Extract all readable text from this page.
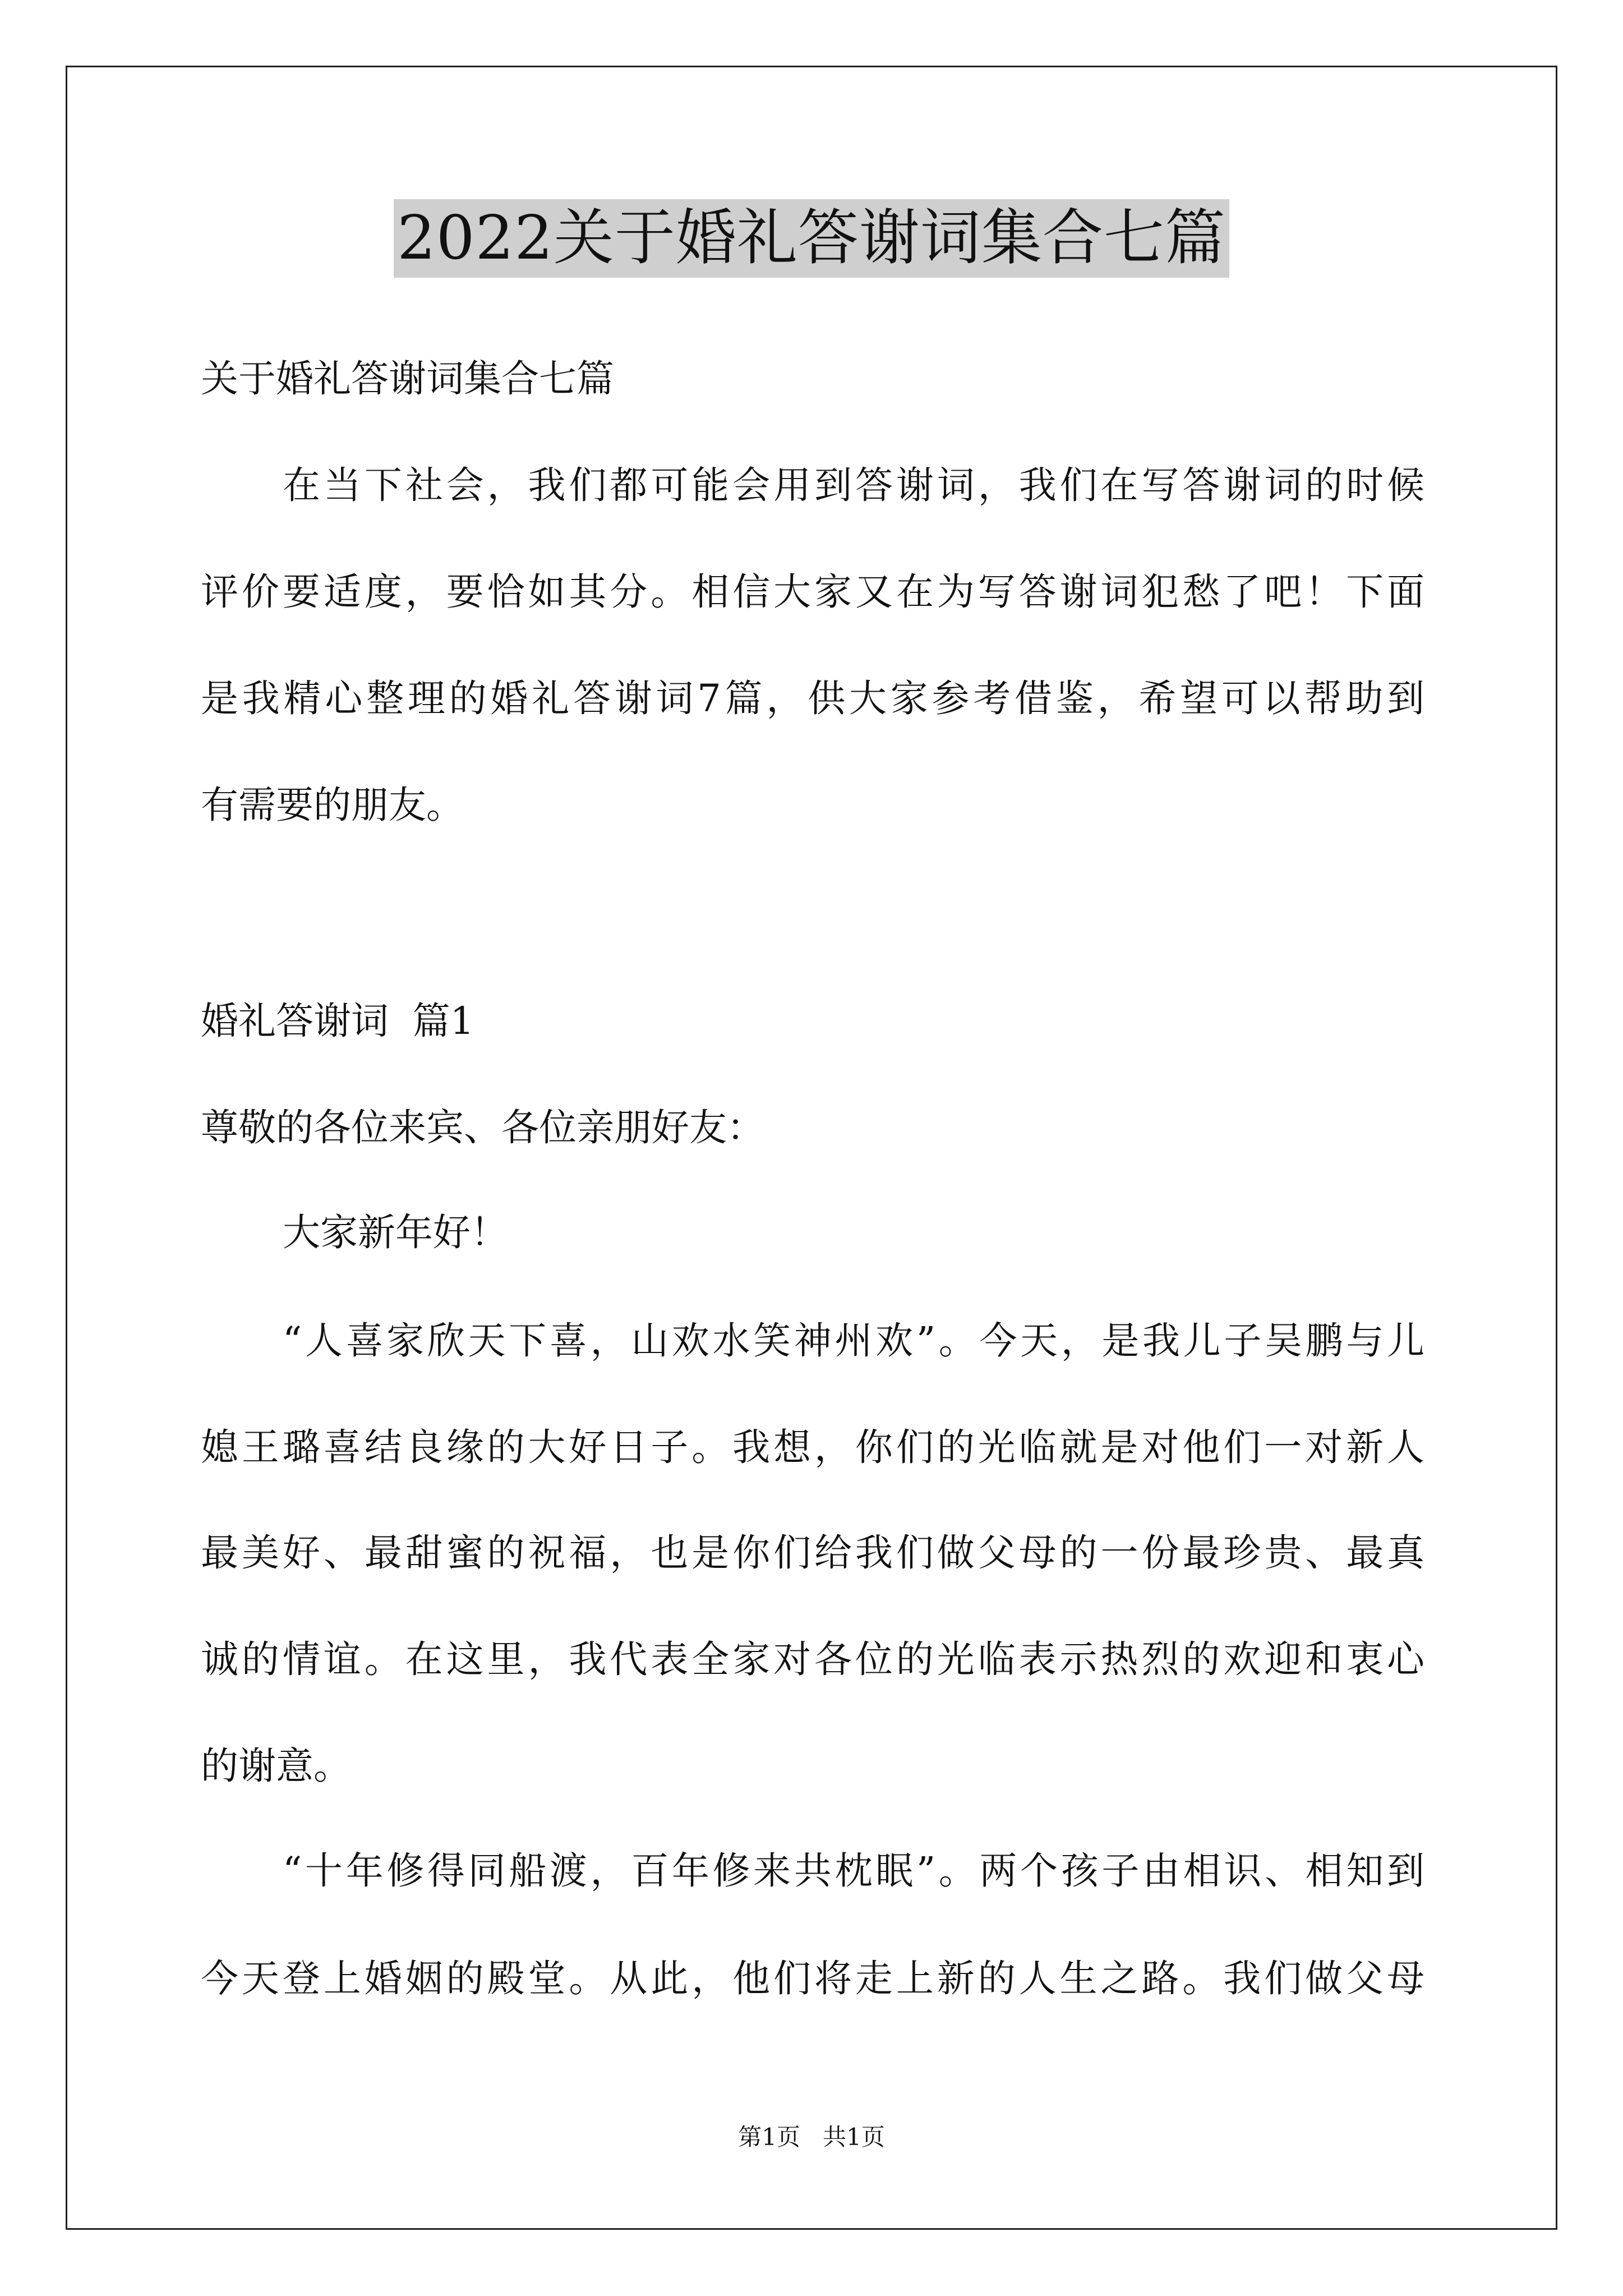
2022关于婚礼答谢词集合七篇

关于婚礼答谢词集合七篇

在当下社会，我们都可能会用到答谢词，我们在写答谢词的时候

评价要适度，要恰如其分。相信大家又在为写答谢词犯愁了吧！下面

是我精心整理的婚礼答谢词7篇，供大家参考借鉴，希望可以帮助到

有需要的朋友。

婚礼答谢词  篇1

尊敬的各位来宾、各位亲朋好友：

大家新年好！

“人喜家欣天下喜，山欢水笑神州欢”。今天，是我儿子吴鹏与儿

媳王璐喜结良缘的大好日子。我想，你们的光临就是对他们一对新人

最美好、最甜蜜的祝福，也是你们给我们做父母的一份最珍贵、最真

诚的情谊。在这里，我代表全家对各位的光临表示热烈的欢迎和衷心

的谢意。

“十年修得同船渡，百年修来共枕眠”。两个孩子由相识、相知到

今天登上婚姻的殿堂。从此，他们将走上新的人生之路。我们做父母

第1页   共1页
